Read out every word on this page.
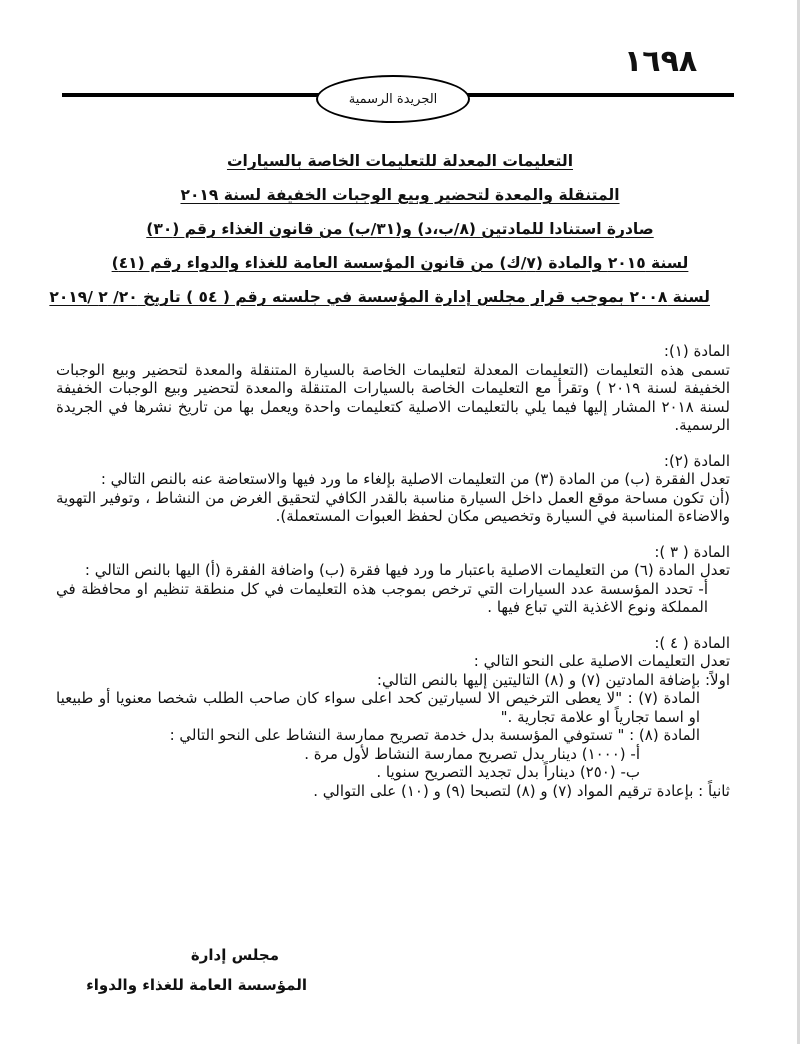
١٦٩٨
الجريدة الرسمية
التعليمات المعدلة للتعليمات الخاصة بالسيارات
المتنقلة والمعدة لتحضير وبيع الوجبات الخفيفة لسنة ٢٠١٩
صادرة استنادا للمادتين (٨/ب،د) و(٣١/ب) من قانون الغذاء رقم (٣٠)
لسنة ٢٠١٥ والمادة (٧/ك) من قانون المؤسسة العامة للغذاء والدواء رقم (٤١)
لسنة ٢٠٠٨ بموجب قرار مجلس إدارة المؤسسة في جلسته رقم ( ٥٤ ) تاريخ ٢٠/ ٢ /٢٠١٩

المادة (١):

تسمى هذه التعليمات (التعليمات المعدلة لتعليمات الخاصة بالسيارة المتنقلة والمعدة لتحضير وبيع الوجبات الخفيفة لسنة ٢٠١٩ ) وتقرأ مع التعليمات الخاصة بالسيارات المتنقلة والمعدة لتحضير وبيع الوجبات الخفيفة لسنة ٢٠١٨ المشار إليها فيما يلي بالتعليمات الاصلية كتعليمات واحدة ويعمل بها من تاريخ نشرها في الجريدة الرسمية.

المادة (٢):

تعدل الفقرة (ب) من المادة (٣) من التعليمات الاصلية بإلغاء ما ورد فيها والاستعاضة عنه بالنص التالي :

(أن تكون مساحة موقع العمل داخل السيارة مناسبة بالقدر الكافي لتحقيق الغرض من النشاط ، وتوفير التهوية والاضاءة المناسبة في السيارة وتخصيص مكان لحفظ العبوات المستعملة).

المادة ( ٣ ):

تعدل المادة (٦) من التعليمات الاصلية باعتبار ما ورد فيها فقرة (ب) واضافة الفقرة (أ) اليها بالنص التالي :

أ- تحدد المؤسسة عدد السيارات التي ترخص بموجب هذه التعليمات في كل منطقة تنظيم او محافظة في المملكة ونوع الاغذية التي تباع فيها .

المادة ( ٤ ):

تعدل التعليمات الاصلية على النحو التالي :

اولاً: بإضافة المادتين (٧) و (٨) التاليتين إليها بالنص التالي:

المادة (٧) : "لا يعطى الترخيص الا لسيارتين كحد اعلى سواء كان صاحب الطلب شخصا معنويا أو طبيعيا او اسما تجارياً او علامة تجارية ."

المادة (٨) : " تستوفي المؤسسة بدل خدمة تصريح ممارسة النشاط على النحو التالي :

أ- (١٠٠٠) دينار بدل تصريح ممارسة النشاط لأول مرة .

ب- (٢٥٠) ديناراً بدل تجديد التصريح سنويا .

ثانياً : بإعادة ترقيم المواد (٧) و (٨) لتصبحا (٩) و (١٠) على التوالي .

مجلس إدارة
المؤسسة العامة للغذاء والدواء
